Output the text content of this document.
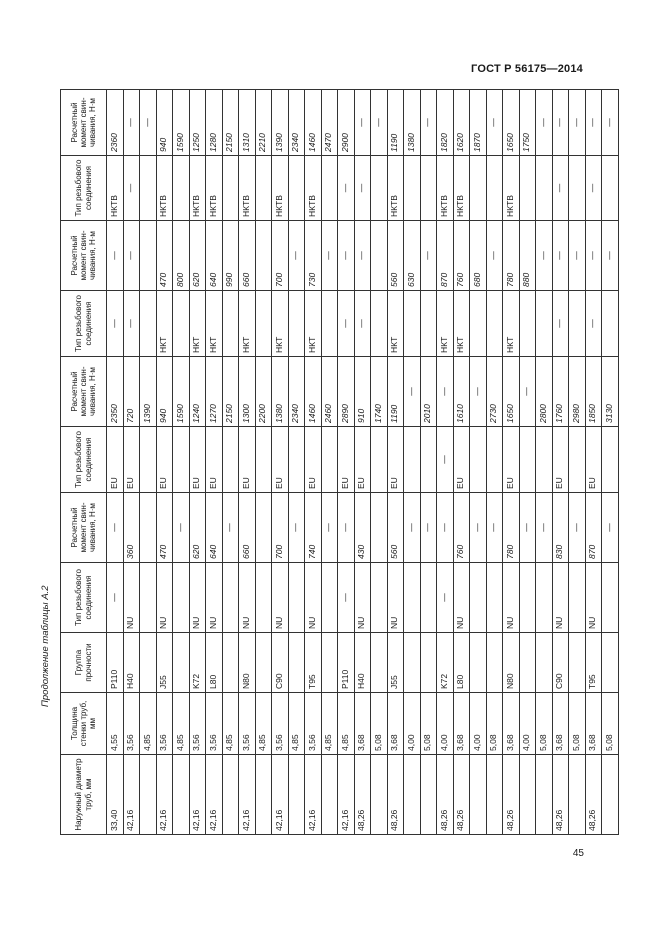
ГОСТ Р 56175—2014
Продолжение таблицы А.2
Наружный диаметр труб, мм	Толщина стенки труб, мм	Группа прочности	Тип резьбового соединения	Расчетный момент свин-чивания, Н·м	Тип резьбового соединения	Расчетный момент свин-чивания, Н·м	Тип резьбового соединения	Расчетный момент свин-чивания, Н·м	Тип резьбового соединения	Расчетный момент свин-чивания, Н·м
33,40	4,55	P110	—	—	EU	2350	—	—	НКТВ	2360
42,16	3,56	H40	NU	360	EU	720	—	—	—	—
	4,85					1390				—
42,16	3,56	J55	NU	470	EU	940	НКТ	470	НКТВ	940
	4,85			—		1590		800		1590
42,16	3,56	K72	NU	620	EU	1240	НКТ	620	НКТВ	1250
42,16	3,56	L80	NU	640	EU	1270	НКТ	640	НКТВ	1280
	4,85			—		2150		990		2150
42,16	3,56	N80	NU	660	EU	1300	НКТ	660	НКТВ	1310
	4,85					2200				2210
42,16	3,56	C90	NU	700	EU	1380	НКТ	700	НКТВ	1390
	4,85			—		2340		—		2340
42,16	3,56	T95	NU	740	EU	1460	НКТ	730	НКТВ	1460
	4,85			—		2460		—		2470
42,16	4,85	P110	—	—	EU	2890	—	—	—	2900
48,26	3,68	H40	NU	430	EU	910	—	—	—	—
	5,08					1740				—
48,26	3,68	J55	NU	560	EU	1190	НКТ	560	НКТВ	1190
	4,00			—		—		630		1380
	5,08			—		2010		—		—
48,26	4,00	K72	—	—	—	—	НКТ	870	НКТВ	1820
48,26	3,68	L80	NU	760	EU	1610	НКТ	760	НКТВ	1620
	4,00			—		—		680		1870
	5,08			—		2730		—		—
48,26	3,68	N80	NU	780	EU	1650	НКТ	780	НКТВ	1650
	4,00			—		—		880		1750
	5,08			—		2800		—		—
48,26	3,68	C90	NU	830	EU	1760	—	—	—	—
	5,08			—		2980		—		—
48,26	3,68	T95	NU	870	EU	1850	—	—	—	—
	5,08			—		3130		—		—
45
